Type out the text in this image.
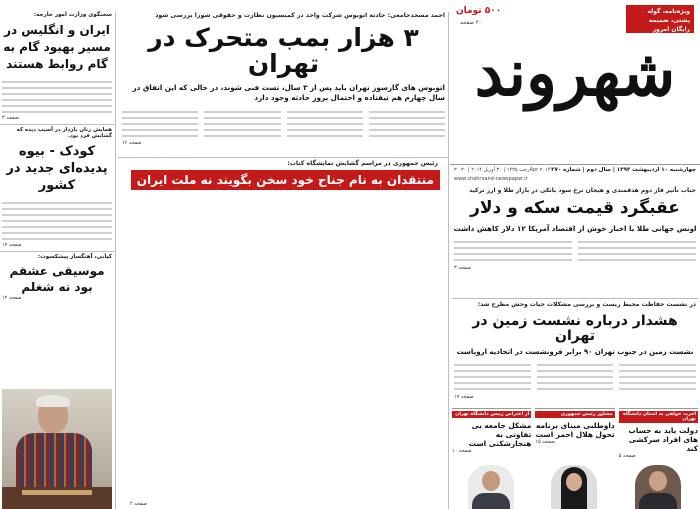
شهروند
ویژه‌نامه، گوله پشتی، ضمیمه رایگان امروز
۵۰۰ تومان
۲۰ صفحه
چهارشنبه ۱۰ اردیبهشت ۱۳۹۳ | سال دوم | شماره ۲۷۰
۳۰ رجب ۱۴۳۵ | ۳۰ آوریل ۲۰۱۴ | ۳۰Apr ۲۰۱۴
www.shahrvand-newspaper.ir
احمد مسجدجامعی: حادثه اتوبوس شرکت واحد در کمیسیون نظارت و حقوقی شورا بررسی شود
۳ هزار بمب متحرک در تهران
اتوبوس های گازسوز تهران باید پس از ۳ سال، تست فنی شوند، در حالی که این اتفاق در سال چهارم هم نیفتاده و احتمال بروز حادثه وجود دارد
صفحه ۱۶
رئیس جمهوری در مراسم گشایش نمایشگاه کتاب:
منتقدان به نام جناح خود سخن بگویند نه ملت ایران
جــــار
صفحه ۲
حباب تأثیر فاز دوم هدفمندی و هیجان نرخ سود بانکی در بازار طلا و ارز ترکید
عقبگرد قیمت سکه و دلار
اونس جهانی طلا با اخبار خوش از اقتصاد آمریکا ۱۲ دلار کاهش داشت
صفحه ۳
در نشست حفاظت محیط زیست و بررسی مشکلات حیات وحش مطرح شد:
هشدار درباره نشست زمین در تهران
نشست زمین در جنوب تهران ۹۰ برابر فرونشست در اتحادیه اروپاست
صفحه ۱۷
آخرت خواهی به استان دانشگاه تهران
دولت باید به حساب های افراد سرکشی کند
صفحه ۵
مشاور رئیس جمهوری
داوطلبی مبنای برنامه تحول هلال احمر است
صفحه ۱۵
از اعتراض رییس دانشگاه تهران
مشکل جامعه بی تفاوتی به هنجارشکنی است
صفحه ۱۰
سخنگوی وزارت امور خارجه:
ایران و انگلیس در مسیر بهبود گام به گام روابط هستند
صفحه ۳
همایش زنان باردار در آسیب دیده که گشایش فرد بود.
کودک - بیوه پدیده‌ای جدید در کشور
صفحه ۱۷
کیانی، آهنگساز پیشکسوت:
موسیقی عشقم بود نه شغلم
صفحه ۱۲
